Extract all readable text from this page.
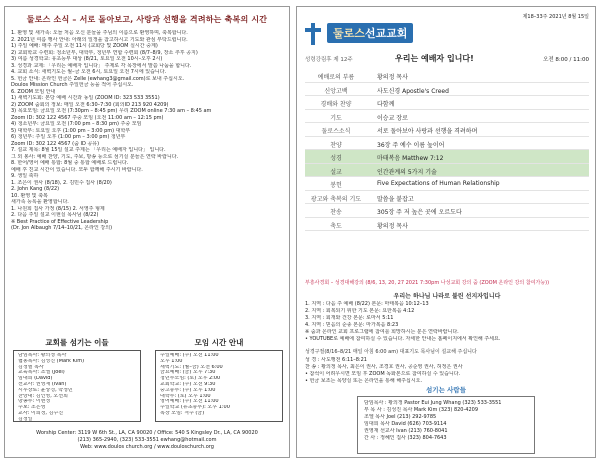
둘로스 소식 – 서로 돌아보고, 사랑과 선행을 격려하는 축복의 시간
1. 환영 및 새가족: 오늘 처음 오신 분들을 주님의 이름으로 환영하며, 축복합니다.
2. 2021년 여름 행사 안내: 아래의 일정을 참고하시고 기도와 관심 부탁드립니다.
1) 주일 예배: 매주 주일 오전 11시 (교회당 및 ZOOM 실시간 중계)
2) 교회학교 수련회: 청소년부, 대학부, 청년부 연합 수련회 (8/7–8/9, 장소 추후 공지)
3) 여름 성경학교: 유초등부 대상 (8/21, 토요일 오전 10시–오후 2시)
3. 성경과 교제: 「우리는 예배자 입니다」 주제로 각 목장에서 말씀 나눔을 합니다.
4. 교회 소식: 새벽기도는 월–금 오전 6시, 토요일 오전 7시에 있습니다.
5. 헌금 안내: 온라인 헌금은 Zelle (ewhang3@gmail.com)로 보내 주십시오.
Doulos Mission Church 주일헌금 등을 적어 주십시오.
6. ZOOM 모임 안내
1) 새벽기도회: 본당 예배 시간과 동일 (ZOOM ID: 323 533 3551)
2) ZOOM 줌회의 정보: 매일 오전 6:30–7:30 (회의ID 213 920 4209)
3) 목요모임: 금요일 오전 (7:30pm – 8:45 pm) 우리 ZOOM online 7:30 am – 8:45 am
Zoom ID: 302 122 4567 주중 모임 (오전 11:00 am – 12:15 pm)
4) 청소년부: 금요일 오전 (7:00 pm – 8:30 pm) 주중 모임
5) 대학부: 토요일 오후 (1:00 pm – 3:00 pm) 대학부
6) 청년부: 주일 오후 (1:00 pm – 3:00 pm) 청년부
Zoom ID: 302 122 4567 (줌 ID 공유)
7. 설교 제목: 8월 15일 설교 주제는 「우리는 예배자 입니다」 입니다.
그 외 봉사: 예배 찬양, 기도, 주보, 방송 등으로 섬기실 분들은 연락 바랍니다.
8. 한어/영어 예배 통합: 8월 중 통합 예배로 드립니다.
예배 후 친교 시간이 있습니다. 모두 함께해 주시기 바랍니다.
9. 생일 축하
1. 조은이 권사 (8/18), 2. 김민수 집사 (8/20)
2. John Kang (8/22)
10. 환영 및 축복
새가족 등록을 환영합니다.
1. 나원희 집사 가정 (8/15) 2. 서영주 형제
2. 다음 주일 설교 이현실 목사님 (8/22)
※ Best Practice of Effective Leadership
(Dr. Jon Albaugh 7/14–10/21, 온라인 강의)
교회를 섬기는 이들
담임목사: 황의정 목사
협동목사: 김성진 (Mark Kim)
김정필 목사
교육목사: 조엘 (Joel)
임대희 (David)
선교사: 권영재 (Ivan)
시무장로: 윤상경, 박정민
찬양대: 김인영, 오선희
방송부: 이현정
주보: 조은영
교사: 이희정, 김수진
김정일
모임 시간 안내
주일예배: (주) 오전 11:00
오후 1:00
새벽기도: (월–금) 오전 6:00
금요예배: (금) 오후 7:30
청년부모임: (토) 오후 2:00
교회학교: (주) 오전 9:30
중고등부: (주) 오후 1:00
대학부: (토) 오후 1:00
영어예배: (주) 오전 11:00
주일학교 (유초등부): 오후 1:00
목장 모임: 격주 (금)
Worship Center: 3119 W 6th St., LA, CA 90020 / Office: 540 S Kingsley Dr., LA, CA 90020
(213) 365-2940, (323) 533-3551 ewhang@hotmail.com
Web: www.doulos church.org / www.douloschurch.org
제18–33주 2021년 8월 15일
둘로스선교교회
성령강림후 제 12주	우리는 예배자 입니다!	오전 8:00 / 11:00
예배로의 부름	황의정 목사
신앙고백	사도신경 Apostle's Creed
경배와 찬양	다함께
기도	이승교 장로
둘로스소식	서로 돌아보아 사랑과 선행을 격려하며
찬양	36장 주 예수 이름 높이어
성경	마태복음 Matthew 7:12
설교	인간관계의 5가지 기술
봉헌	Five Expectations of Human Relationship
광고와 축복의 기도	말씀을 붙잡고
찬송	305장 주 저 높은 곳에 오르도다
축도	황의정 목사
부흥사경회 – 성경대해강의 (8/6, 13, 20, 27 2021 7:30pm 나성교회 강의 줌 (ZOOM 온라인 강의 참여가능))
우리는 하나님 나라로 불린 선지자입니다
1. 지역 : 다음 주 예배 (8/22) 본문: 마태복음 10:12–13
2. 지역 : 회복되기 위한 기도 본문: 요한복음 4:12
3. 지역 : 회개와 건강 본문: 로마서 5:11
4. 지역 : 믿음의 순종 본문: 마가복음 8:23
※ 줌과 온라인 교회 프로그램에 참여를 희망하시는 분은 연락바랍니다.
• YOUTUBE로 예배에 참여하실 수 있습니다. 자세한 안내는 홈페이지에서 확인해 주세요.
성경구절(8/16–8/21 매일 아침 6:00 am) 대표기도 목사님이 설교해 주십니다
성 경 : 사도행전 6:11–8:21
찬 송 : 황의정 목사, 최은이 권사, 조경호 권사, 공순영 권사, 허정은 권사
• 참석이 어려우시면 모임 후 ZOOM 녹화본으로 참여하실 수 있습니다.
• 헌금 보조는 목양실 또는 온라인을 통해 해주십시오.
섬기는 사람들
담임목사 : 황의정 Pastor Eui Jung Whang (323) 533-3551
부 목 사 : 김성진 목사 Mark Kim (323) 820-4209
조엘 목사 Joel (213) 292-9785
임대희 목사 David (626) 703-9114
권영재 선교사 Ivan (213) 760-8041
간 사 : 정혜인 집사 (323) 804-7643
